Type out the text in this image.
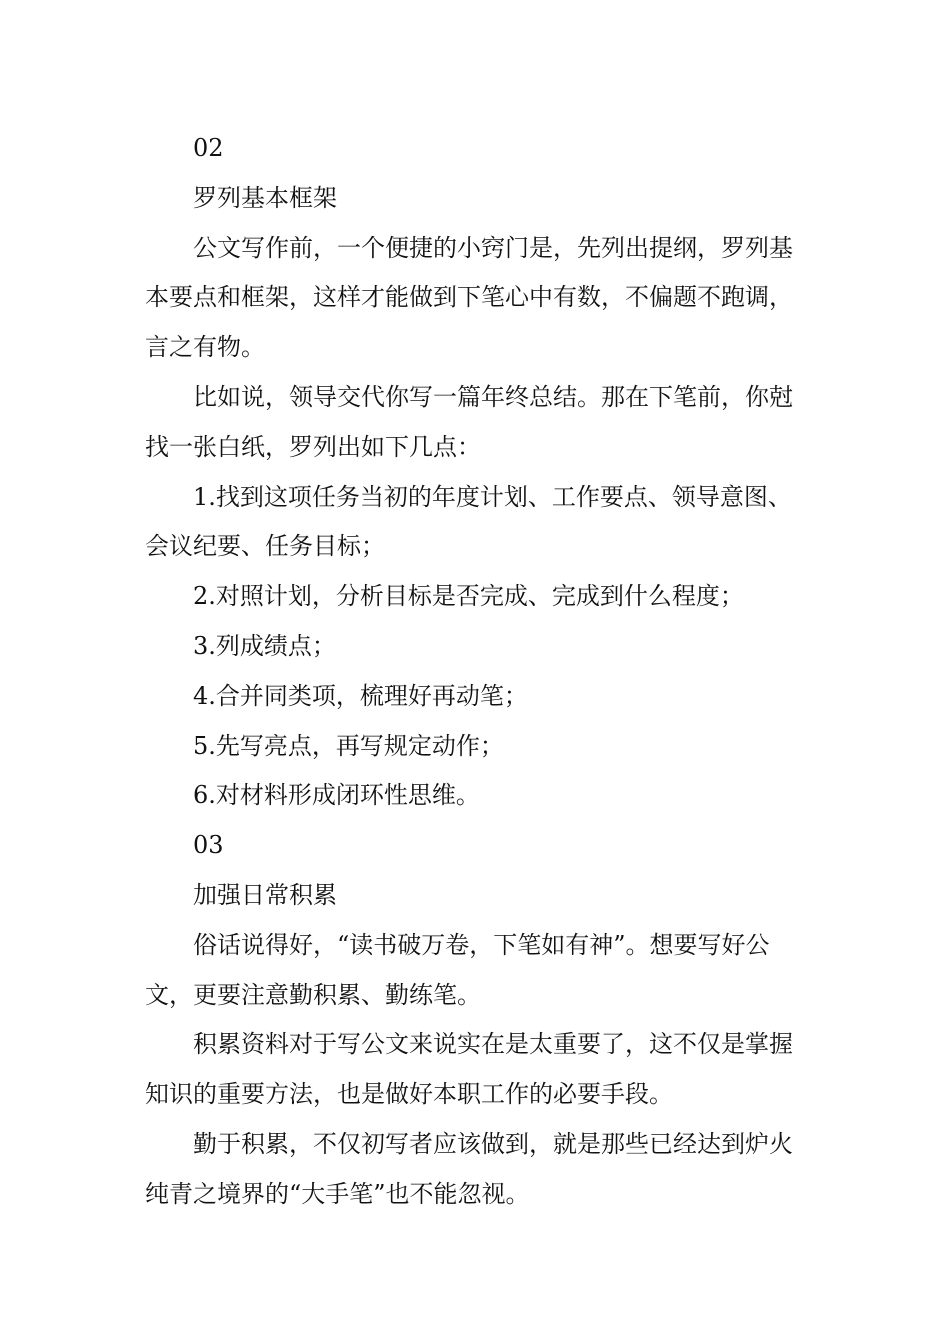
02

罗列基本框架

公文写作前，一个便捷的小窍门是，先列出提纲，罗列基本要点和框架，这样才能做到下笔心中有数，不偏题不跑调，言之有物。

比如说，领导交代你写一篇年终总结。那在下笔前，你尅找一张白纸，罗列出如下几点：

1.找到这项任务当初的年度计划、工作要点、领导意图、会议纪要、任务目标；

2.对照计划，分析目标是否完成、完成到什么程度；

3.列成绩点；

4.合并同类项，梳理好再动笔；

5.先写亮点，再写规定动作；

6.对材料形成闭环性思维。

03

加强日常积累

俗话说得好，“读书破万卷，下笔如有神”。想要写好公文，更要注意勤积累、勤练笔。

积累资料对于写公文来说实在是太重要了，这不仅是掌握知识的重要方法，也是做好本职工作的必要手段。

勤于积累，不仅初写者应该做到，就是那些已经达到炉火纯青之境界的“大手笔”也不能忽视。
